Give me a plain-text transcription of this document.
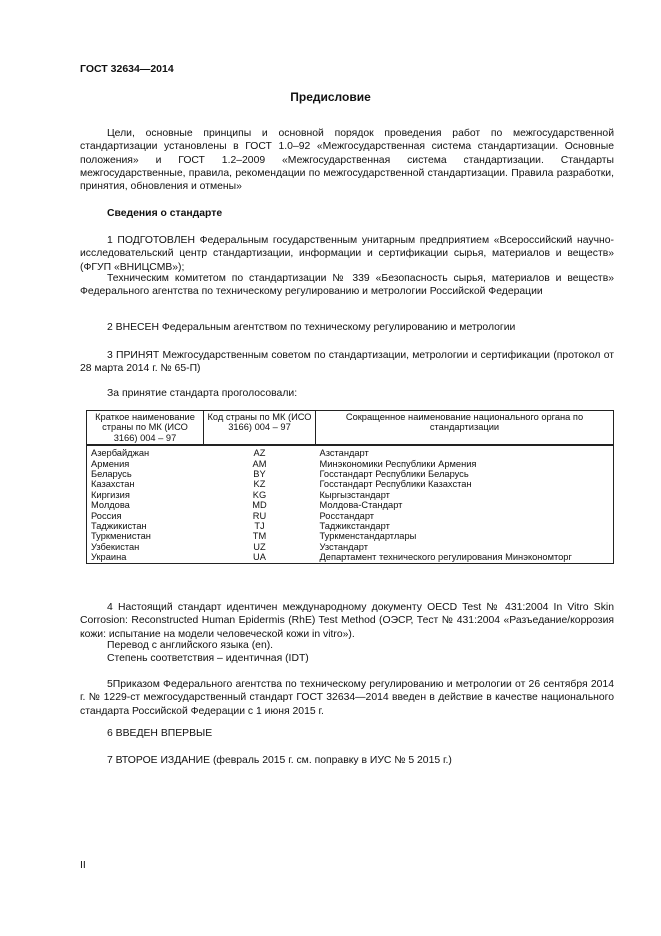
ГОСТ 32634—2014
Предисловие

Цели, основные принципы и основной порядок проведения работ по межгосударственной стандартизации установлены в ГОСТ 1.0–92 «Межгосударственная система стандартизации. Основные положения» и ГОСТ 1.2–2009 «Межгосударственная система стандартизации. Стандарты межгосударственные, правила, рекомендации по межгосударственной стандартизации. Правила разработки, принятия, обновления и отмены»

Сведения о стандарте

1 ПОДГОТОВЛЕН Федеральным государственным унитарным предприятием «Всероссийский научно-исследовательский центр стандартизации, информации и сертификации сырья, материалов и веществ» (ФГУП «ВНИЦСМВ»);

Техническим комитетом по стандартизации № 339 «Безопасность сырья, материалов и веществ» Федерального агентства по техническому регулированию и метрологии Российской Федерации

2 ВНЕСЕН Федеральным агентством по техническому регулированию и метрологии

3 ПРИНЯТ Межгосударственным советом по стандартизации, метрологии и сертификации (протокол от 28 марта 2014 г. № 65-П)

За принятие стандарта проголосовали:
Краткое наименование страны по МК (ИСО 3166) 004 – 97	Код страны по МК (ИСО 3166) 004 – 97	Сокращенное наименование национального органа по стандартизации
Азербайджан	AZ	Азстандарт
Армения	AM	Минэкономики Республики Армения
Беларусь	BY	Госстандарт Республики Беларусь
Казахстан	KZ	Госстандарт Республики Казахстан
Киргизия	KG	Кыргызстандарт
Молдова	MD	Молдова-Стандарт
Россия	RU	Росстандарт
Таджикистан	TJ	Таджикстандарт
Туркменистан	TM	Туркменстандартлары
Узбекистан	UZ	Узстандарт
Украина	UA	Департамент технического регулирования Минэкономторг

4 Настоящий стандарт идентичен международному документу OECD Test № 431:2004 In Vitro Skin Corrosion: Reconstructed Human Epidermis (RhE) Test Method (ОЭСР, Тест № 431:2004 «Разъедание/коррозия кожи: испытание на модели человеческой кожи in vitro»).

Перевод с английского языка (en).
Степень соответствия – идентичная (IDT)

5Приказом Федерального агентства по техническому регулированию и метрологии от 26 сентября 2014 г. № 1229-ст межгосударственный стандарт ГОСТ 32634—2014 введен в действие в качестве национального стандарта Российской Федерации с 1 июня 2015 г.

6 ВВЕДЕН ВПЕРВЫЕ
7 ВТОРОЕ ИЗДАНИЕ (февраль 2015 г. см. поправку в ИУС № 5 2015 г.)
II
